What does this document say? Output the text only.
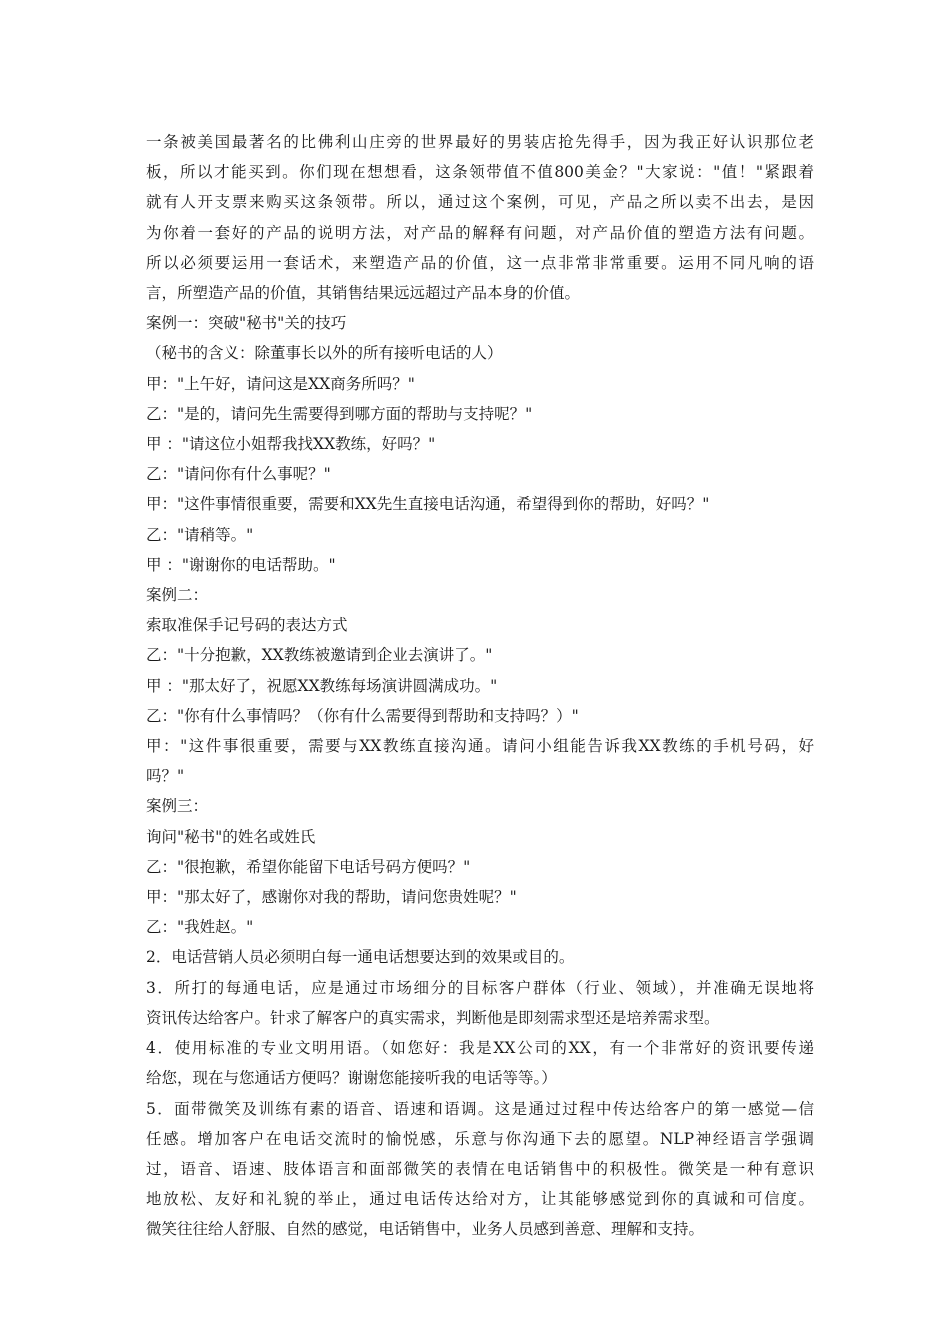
一条被美国最著名的比佛利山庄旁的世界最好的男装店抢先得手，因为我正好认识那位老
板，所以才能买到。你们现在想想看，这条领带值不值800美金？"大家说："值！"紧跟着
就有人开支票来购买这条领带。所以，通过这个案例，可见，产品之所以卖不出去，是因
为你着一套好的产品的说明方法，对产品的解释有问题，对产品价值的塑造方法有问题。
所以必须要运用一套话术，来塑造产品的价值，这一点非常非常重要。运用不同凡响的语
言，所塑造产品的价值，其销售结果远远超过产品本身的价值。
案例一：突破"秘书"关的技巧
（秘书的含义：除董事长以外的所有接听电话的人）
甲："上午好，请问这是XX商务所吗？"
乙："是的，请问先生需要得到哪方面的帮助与支持呢？"
甲 ："请这位小姐帮我找XX教练，好吗？"
乙："请问你有什么事呢？"
甲："这件事情很重要，需要和XX先生直接电话沟通，希望得到你的帮助，好吗？"
乙："请稍等。"
甲 ："谢谢你的电话帮助。"
案例二：
索取准保手记号码的表达方式
乙："十分抱歉，XX教练被邀请到企业去演讲了。"
甲 ："那太好了，祝愿XX教练每场演讲圆满成功。"
乙："你有什么事情吗？（你有什么需要得到帮助和支持吗？）"
甲："这件事很重要，需要与XX教练直接沟通。请问小组能告诉我XX教练的手机号码，好
吗？"
案例三：
询问"秘书"的姓名或姓氏
乙："很抱歉，希望你能留下电话号码方便吗？"
甲："那太好了，感谢你对我的帮助，请问您贵姓呢？"
乙："我姓赵。"
2．电话营销人员必须明白每一通电话想要达到的效果或目的。
3．所打的每通电话，应是通过市场细分的目标客户群体（行业、领域），并准确无误地将
资讯传达给客户。针求了解客户的真实需求，判断他是即刻需求型还是培养需求型。
4．使用标准的专业文明用语。（如您好：我是XX公司的XX，有一个非常好的资讯要传递
给您，现在与您通话方便吗？谢谢您能接听我的电话等等。）
5．面带微笑及训练有素的语音、语速和语调。这是通过过程中传达给客户的第一感觉—信
任感。增加客户在电话交流时的愉悦感，乐意与你沟通下去的愿望。NLP神经语言学强调
过，语音、语速、肢体语言和面部微笑的表情在电话销售中的积极性。微笑是一种有意识
地放松、友好和礼貌的举止，通过电话传达给对方，让其能够感觉到你的真诚和可信度。
微笑往往给人舒服、自然的感觉，电话销售中，业务人员感到善意、理解和支持。
